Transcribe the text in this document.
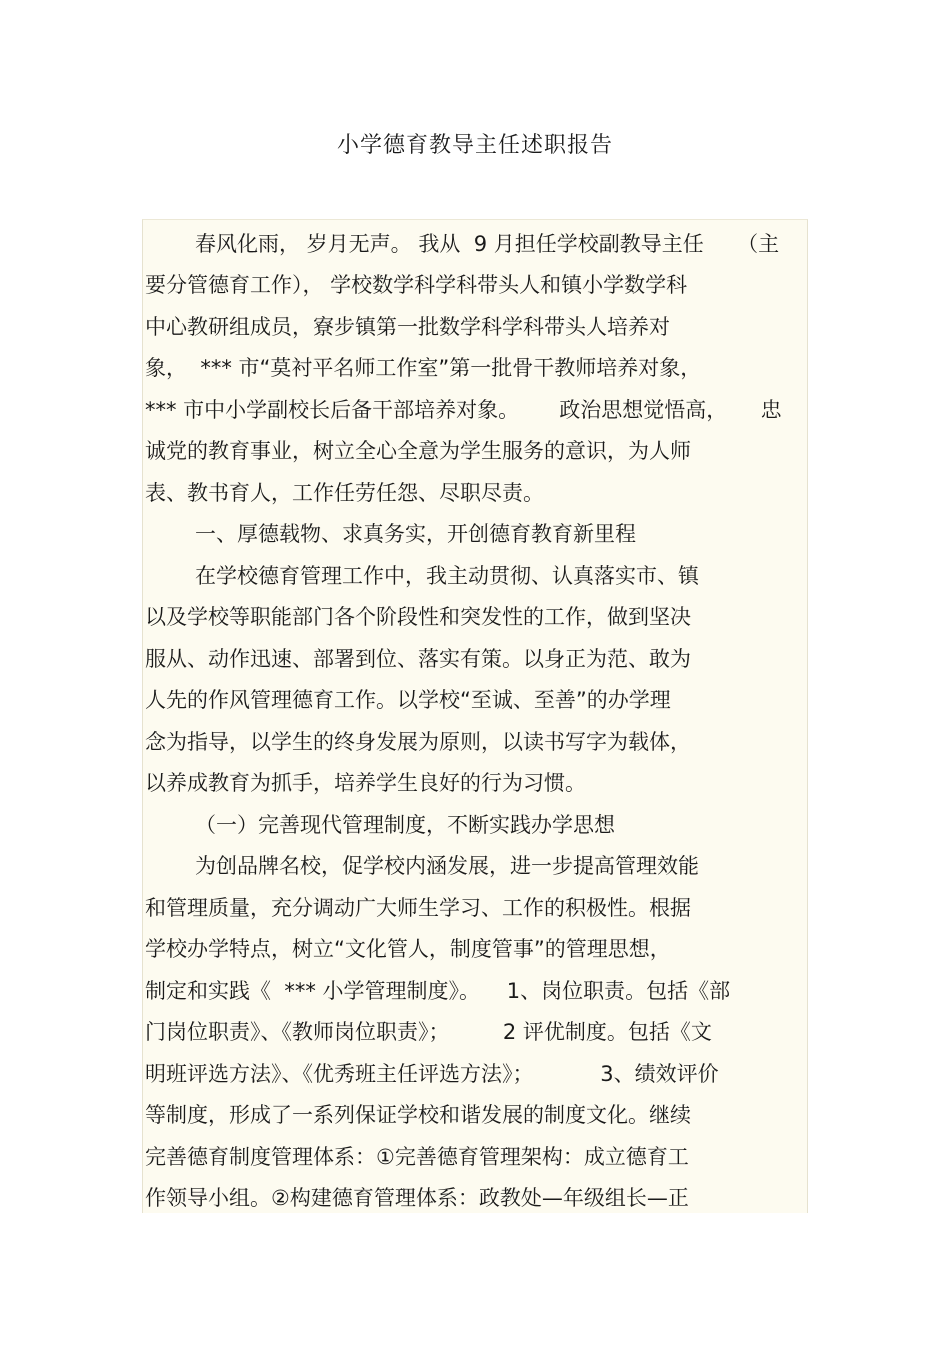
小学德育教导主任述职报告
春风化雨， 岁月无声。 我从  9 月担任学校副教导主任     （主
要分管德育工作）， 学校数学科学科带头人和镇小学数学科
中心教研组成员，寮步镇第一批数学科学科带头人培养对
象，  *** 市“莫衬平名师工作室”第一批骨干教师培养对象，
*** 市中小学副校长后备干部培养对象。      政治思想觉悟高，     忠
诚党的教育事业，树立全心全意为学生服务的意识，为人师
表、教书育人，工作任劳任怨、尽职尽责。
一、厚德载物、求真务实，开创德育教育新里程
在学校德育管理工作中，我主动贯彻、认真落实市、镇
以及学校等职能部门各个阶段性和突发性的工作，做到坚决
服从、动作迅速、部署到位、落实有策。以身正为范、敢为
人先的作风管理德育工作。以学校“至诚、至善”的办学理
念为指导，以学生的终身发展为原则，以读书写字为载体，
以养成教育为抓手，培养学生良好的行为习惯。
（一）完善现代管理制度，不断实践办学思想
为创品牌名校，促学校内涵发展，进一步提高管理效能
和管理质量，充分调动广大师生学习、工作的积极性。根据
学校办学特点，树立“文化管人，制度管事”的管理思想，
制定和实践《  *** 小学管理制度》。    1、岗位职责。包括《部
门岗位职责》、《教师岗位职责》；        2 评优制度。包括《文
明班评选方法》、《优秀班主任评选方法》；          3、绩效评价
等制度，形成了一系列保证学校和谐发展的制度文化。继续
完善德育制度管理体系：①完善德育管理架构：成立德育工
作领导小组。②构建德育管理体系：政教处—年级组长—正
